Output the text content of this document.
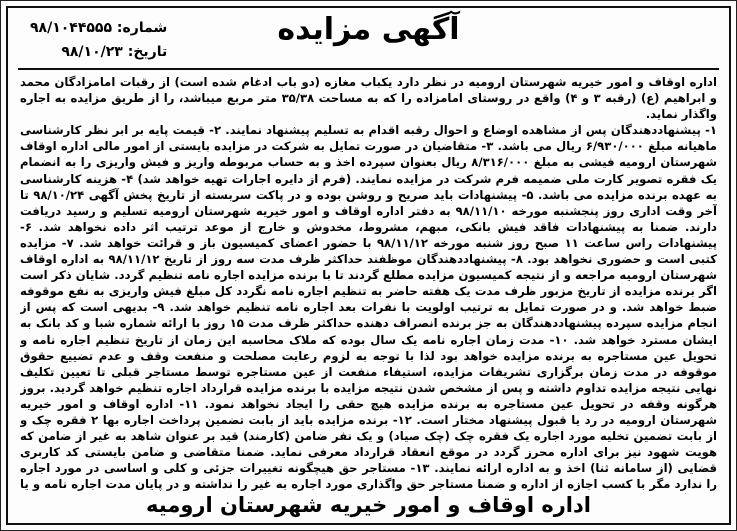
آگهی مزایده
شماره: ۹۸/۱۰۴۴۵۵۵
تاریخ: ۹۸/۱۰/۲۳

اداره اوقاف و امور خیریه شهرستان ارومیه در نظر دارد یکباب مغازه (دو باب ادغام شده است) از رقبات امامزادگان محمد و ابراهیم (ع) (رقبه ۳ و ۴) واقع در روستای امامزاده را که به مساحت ۳۵/۳۸ متر مربع میباشد، را از طریق مزایده به اجاره واگذار نماید.

۱- پیشنهاددهندگان پس از مشاهده اوضاع و احوال رقبه اقدام به تسلیم پیشنهاد نمایند. ۲- قیمت پایه بر ابر نظر کارشناسی ماهیانه مبلغ ۶/۹۳۰/۰۰۰ ریال می باشد. ۳- متقاضیان در صورت تمایل به شرکت در مزایده بایستی از امور مالی اداره اوقاف شهرستان ارومیه فیشی به مبلغ ۸/۳۱۶/۰۰۰ ریال بعنوان سپرده اخذ و به حساب مربوطه واریز و فیش واریزی را به انضمام یک فقره تصویر کارت ملی ضمیمه فرم شرکت در مزایده نمایند. (فرم از دایره اجارات تهیه خواهد شد) ۴- هزینه کارشناسی به عهده برنده مزایده می باشد. ۵- پیشنهادات باید صریح و روشن بوده و در پاکت سربسته از تاریخ پخش آگهی ۹۸/۱۰/۲۴ تا آخر وقت اداری روز پنجشنبه مورخه ۹۸/۱۱/۱۰ به دفتر اداره اوقاف و امور خیریه شهرستان ارومیه تسلیم و رسید دریافت دارند. ضمنا به پیشنهادات فاقد فیش بانکی، مبهم، مشروط، مخدوش و خارج از موعد ترتیب اثر داده نخواهد شد. ۶- پیشنهادات راس ساعت ۱۱ صبح روز شنبه مورخه ۹۸/۱۱/۱۲ با حضور اعضای کمیسیون باز و قرائت خواهد شد. ۷- مزایده کتبی است و حضوری نخواهد بود. ۸- پیشنهاددهندگان موظفند حداکثر ظرف مدت سه روز از تاریخ ۹۸/۱۱/۱۲ به اداره اوقاف شهرستان ارومیه مراجعه و از نتیجه کمیسیون مزایده مطلع گردند تا با برنده مزایده اجاره نامه تنظیم گردد. شایان ذکر است اگر برنده مزایده از تاریخ مزبور ظرف مدت یک هفته حاضر به تنظیم اجاره نامه نگردد کل مبلغ فیش واریزی به نفع موقوفه ضبط خواهد شد. و در صورت تمایل به ترتیب اولویت با نفرات بعد اجاره نامه تنظیم خواهد شد. ۹- بدیهی است که پس از انجام مزایده سپرده پیشنهاددهندگان به جز برنده انصراف دهنده حداکثر ظرف مدت ۱۵ روز با ارائه شماره شبا و کد بانک به ایشان مسترد خواهد شد. ۱۰- مدت زمان اجاره نامه یک سال بوده که ملاک محاسبه این زمان از تاریخ تنظیم اجاره نامه و تحویل عین مستاجره به برنده مزایده خواهد بود لذا با توجه به لزوم رعایت مصلحت و منفعت وقف و عدم تضییع حقوق موقوفه در مدت زمان برگزاری تشریفات مزایده، استیفاء منفعت از عین مستاجره توسط مستاجر قبلی تا تعیین تکلیف نهایی نتیجه مزایده تداوم داشته و پس از مشخص شدن نتیجه مزایده با برنده مزایده قرارداد اجاره تنظیم خواهد گردید. بروز هرگونه وقفه در تحویل عین مستاجره به برنده مزایده هیچ حقی را ایجاد نخواهد نمود. ۱۱- اداره اوقاف و امور خیریه شهرستان ارومیه در رد یا قبول پیشنهاد مختار است. ۱۲- برنده مزایده باید از بابت تضمین پرداخت اجاره بها ۲ فقره چک و از بابت تضمین تخلیه مورد اجاره یک فقره چک (چک صیاد) و یک نفر ضامن (کارمند) قید بر عنوان شاهد به غیر از ضامن که هویت شهود نیز برای اداره محرز گردد در موقع انعقاد قرارداد معرفی نماید. ضمنا متقاضی و ضامن بایستی کد کاربری قضایی (از سامانه ثنا) اخذ و به اداره ارائه نمایند. ۱۳- مستاجر حق هیچگونه تغییرات جزئی و کلی و اساسی در مورد اجاره را ندارد مگر با کسب اجازه از اداره و ضمنا مستاجر حق واگذاری مورد اجاره به غیر را نداشته و در پایان مدت اجاره نامه و یا

اداره اوقاف و امور خیریه شهرستان ارومیه
